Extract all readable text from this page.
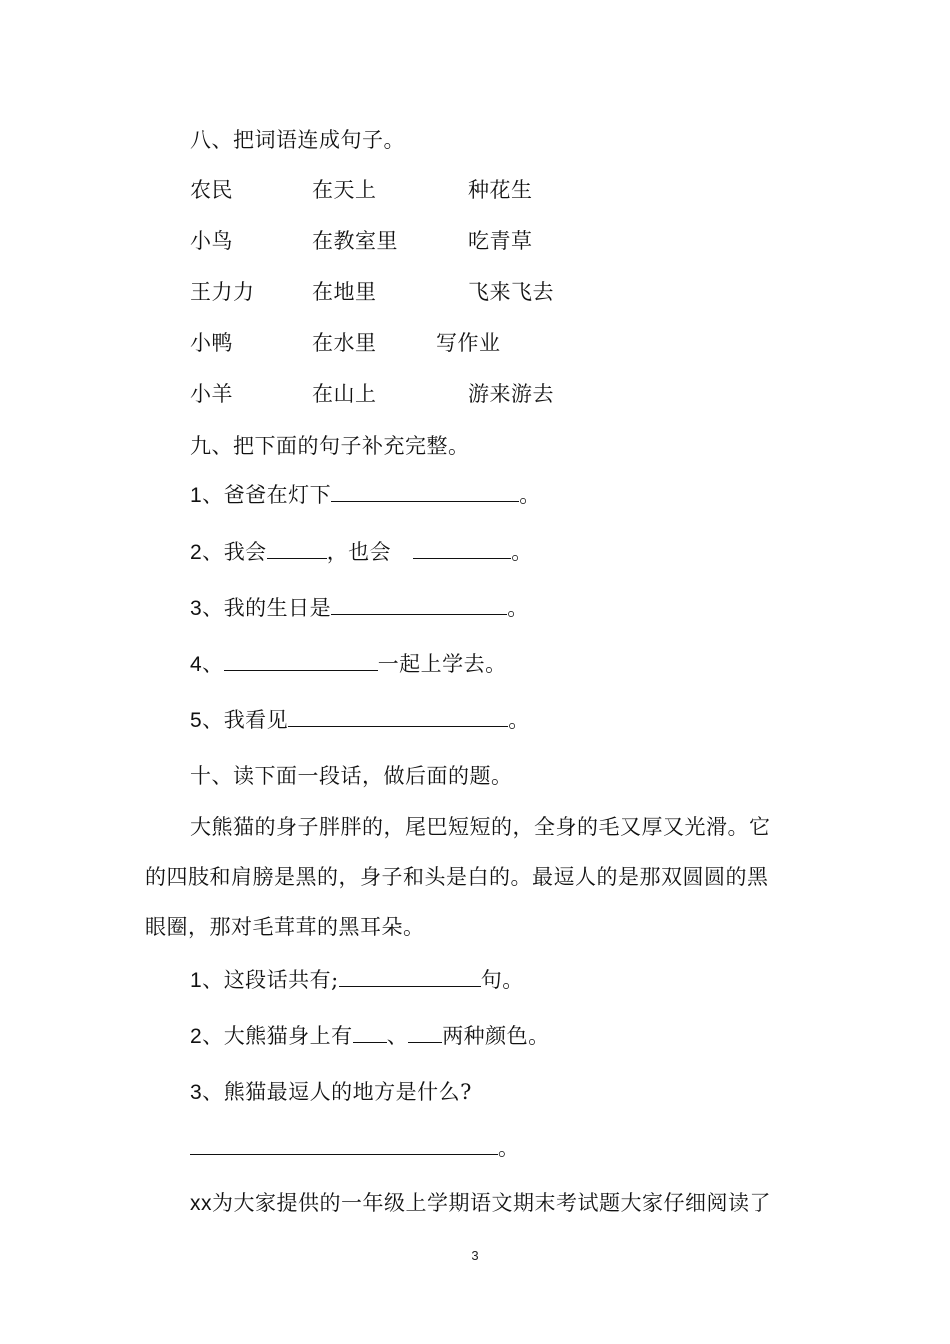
八、把词语连成句子。
农民	在天上	种花生
小鸟	在教室里	吃青草
王力力	在地里	飞来飞去
小鸭	在水里	写作业
小羊	在山上	游来游去
九、把下面的句子补充完整。
1、爸爸在灯下	。
2、我会	，也会	。
3、我的生日是	。
4、	一起上学去。
5、我看见	。
十、读下面一段话，做后面的题。
大熊猫的身子胖胖的，尾巴短短的，全身的毛又厚又光滑。它
的四肢和肩膀是黑的，身子和头是白的。最逗人的是那双圆圆的黑
眼圈，那对毛茸茸的黑耳朵。
1、这段话共有;	句。
2、大熊猫身上有 、 两种颜色。
3、熊猫最逗人的地方是什么?
。
xx为大家提供的一年级上学期语文期末考试题大家仔细阅读了
3
